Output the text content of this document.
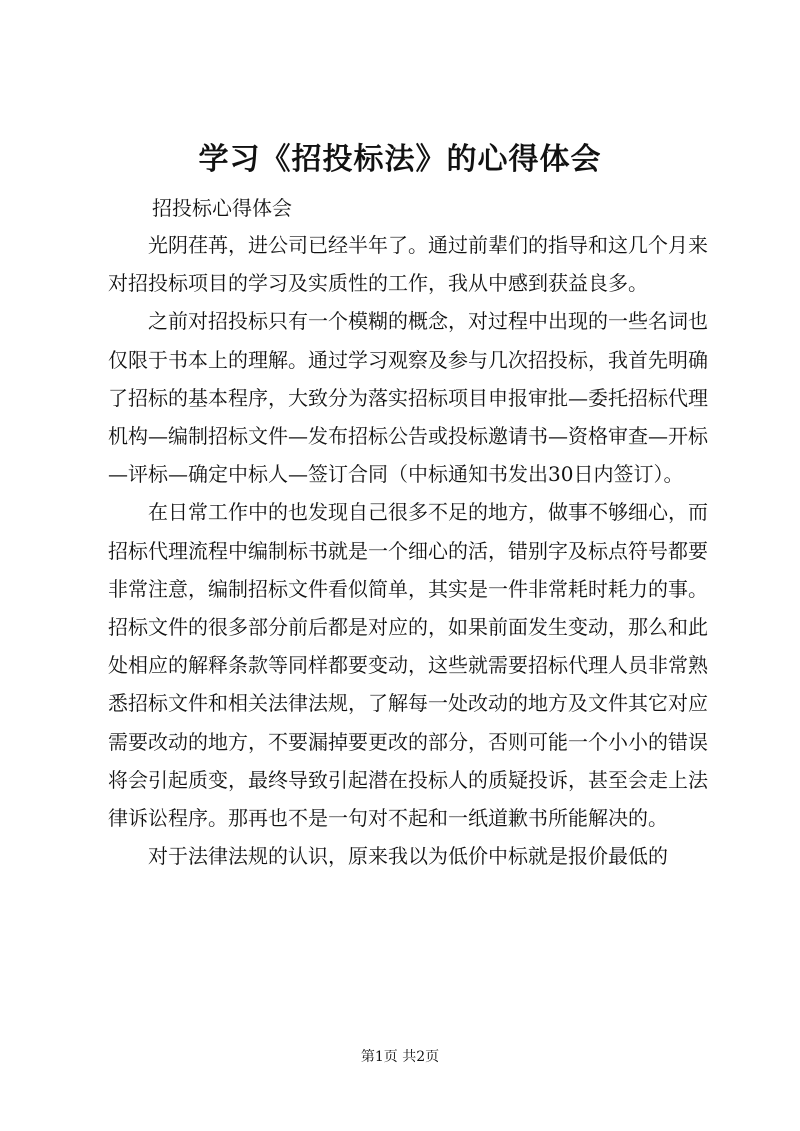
学习《招投标法》的心得体会
招投标心得体会

光阴荏苒，进公司已经半年了。通过前辈们的指导和这几个月来对招投标项目的学习及实质性的工作，我从中感到获益良多。

之前对招投标只有一个模糊的概念，对过程中出现的一些名词也仅限于书本上的理解。通过学习观察及参与几次招投标，我首先明确了招标的基本程序，大致分为落实招标项目申报审批—委托招标代理机构—编制招标文件—发布招标公告或投标邀请书—资格审查—开标—评标—确定中标人—签订合同（中标通知书发出30日内签订）。

在日常工作中的也发现自己很多不足的地方，做事不够细心，而招标代理流程中编制标书就是一个细心的活，错别字及标点符号都要非常注意，编制招标文件看似简单，其实是一件非常耗时耗力的事。招标文件的很多部分前后都是对应的，如果前面发生变动，那么和此处相应的解释条款等同样都要变动，这些就需要招标代理人员非常熟悉招标文件和相关法律法规，了解每一处改动的地方及文件其它对应需要改动的地方，不要漏掉要更改的部分，否则可能一个小小的错误将会引起质变，最终导致引起潜在投标人的质疑投诉，甚至会走上法律诉讼程序。那再也不是一句对不起和一纸道歉书所能解决的。

对于法律法规的认识，原来我以为低价中标就是报价最低的

第1页 共2页
